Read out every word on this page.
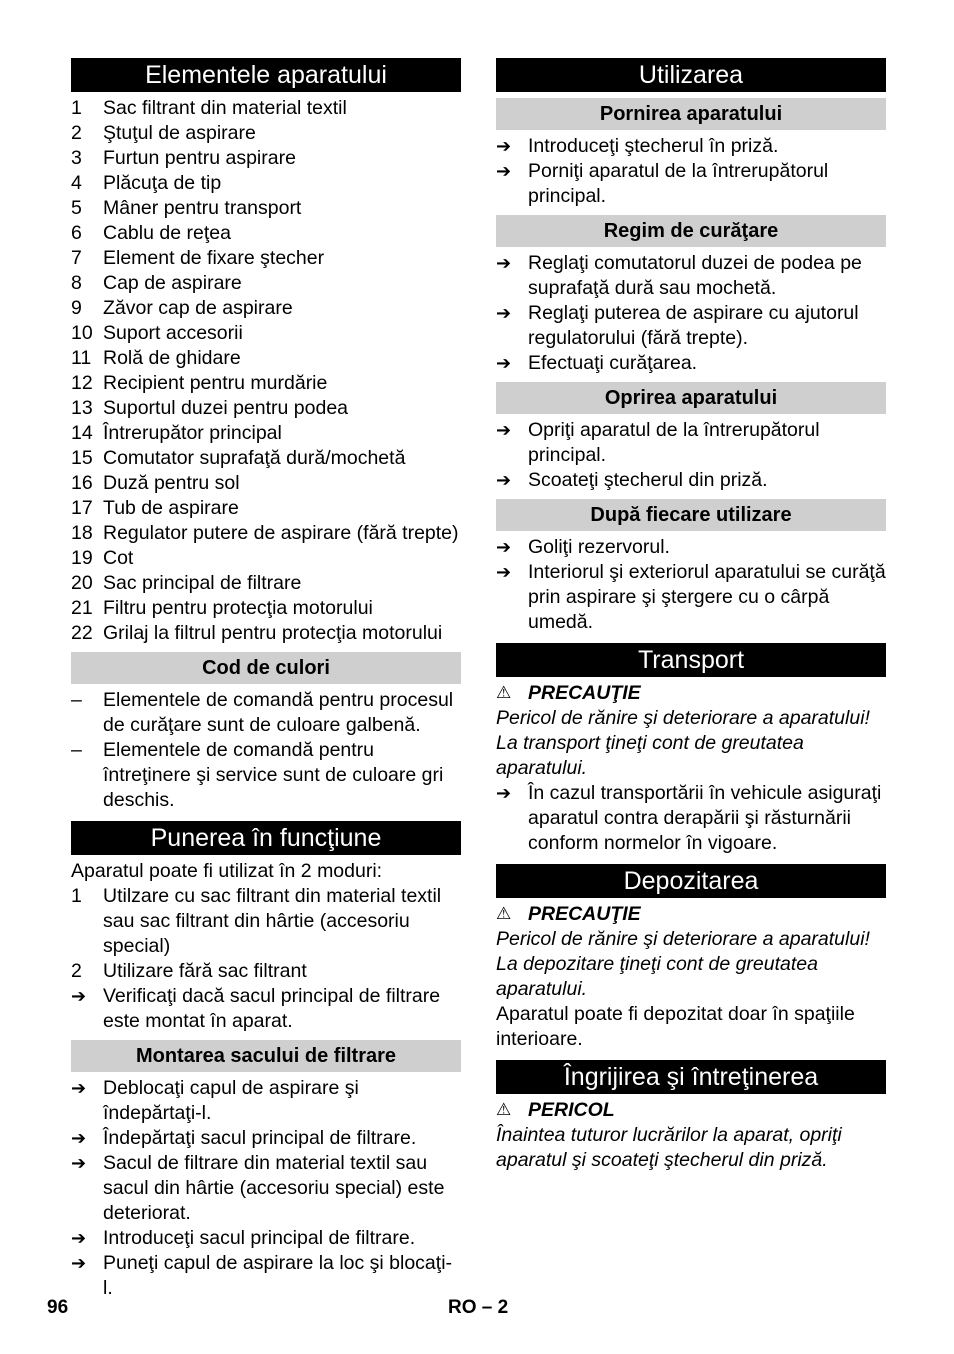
Elementele aparatului
1	Sac filtrant din material textil
2	Ştuţul de aspirare
3	Furtun pentru aspirare
4	Plăcuţa de tip
5	Mâner pentru transport
6	Cablu de reţea
7	Element de fixare ştecher
8	Cap de aspirare
9	Zăvor cap de aspirare
10 Suport accesorii
11 Rolă de ghidare
12 Recipient pentru murdărie
13 Suportul duzei pentru podea
14 Întrerupător principal
15 Comutator suprafaţă dură/mochetă
16 Duză pentru sol
17 Tub de aspirare
18 Regulator putere de aspirare (fără trepte)
19 Cot
20 Sac principal de filtrare
21 Filtru pentru protecţia motorului
22 Grilaj la filtrul pentru protecţia motorului
Cod de culori
–	Elementele de comandă pentru procesul de curăţare sunt de culoare galbenă.
–	Elementele de comandă pentru întreţinere şi service sunt de culoare gri deschis.
Punerea în funcţiune
Aparatul poate fi utilizat în 2 moduri:
1	Utilzare cu sac filtrant din material textil sau sac filtrant din hârtie (accesoriu special)
2	Utilizare fără sac filtrant
➔ Verificaţi dacă sacul principal de filtrare este montat în aparat.
Montarea sacului de filtrare
➔ Deblocaţi capul de aspirare şi îndepărtaţi-l.
➔ Îndepărtaţi sacul principal de filtrare.
➔ Sacul de filtrare din material textil sau sacul din hârtie (accesoriu special) este deteriorat.
➔ Introduceţi sacul principal de filtrare.
➔ Puneţi capul de aspirare la loc şi blocaţi-l.
Utilizarea
Pornirea aparatului
➔ Introduceţi ştecherul în priză.
➔ Porniţi aparatul de la întrerupătorul principal.
Regim de curăţare
➔ Reglaţi comutatorul duzei de podea pe suprafaţă dură sau mochetă.
➔ Reglaţi puterea de aspirare cu ajutorul regulatorului (fără trepte).
➔ Efectuaţi curăţarea.
Oprirea aparatului
➔ Opriţi aparatul de la întrerupătorul principal.
➔ Scoateţi ştecherul din priză.
După fiecare utilizare
➔ Goliţi rezervorul.
➔ Interiorul şi exteriorul aparatului se curăţă prin aspirare şi ştergere cu o cârpă umedă.
Transport
⚠ PRECAUŢIE
Pericol de rănire şi deteriorare a aparatului! La transport ţineţi cont de greutatea aparatului.
➔ În cazul transportării în vehicule asiguraţi aparatul contra derapării şi răsturnării conform normelor în vigoare.
Depozitarea
⚠ PRECAUŢIE
Pericol de rănire şi deteriorare a aparatului! La depozitare ţineţi cont de greutatea aparatului.
Aparatul poate fi depozitat doar în spaţiile interioare.
Îngrijirea şi întreţinerea
⚠ PERICOL
Înaintea tuturor lucrărilor la aparat, opriţi aparatul şi scoateţi ştecherul din priză.
96	RO – 2
